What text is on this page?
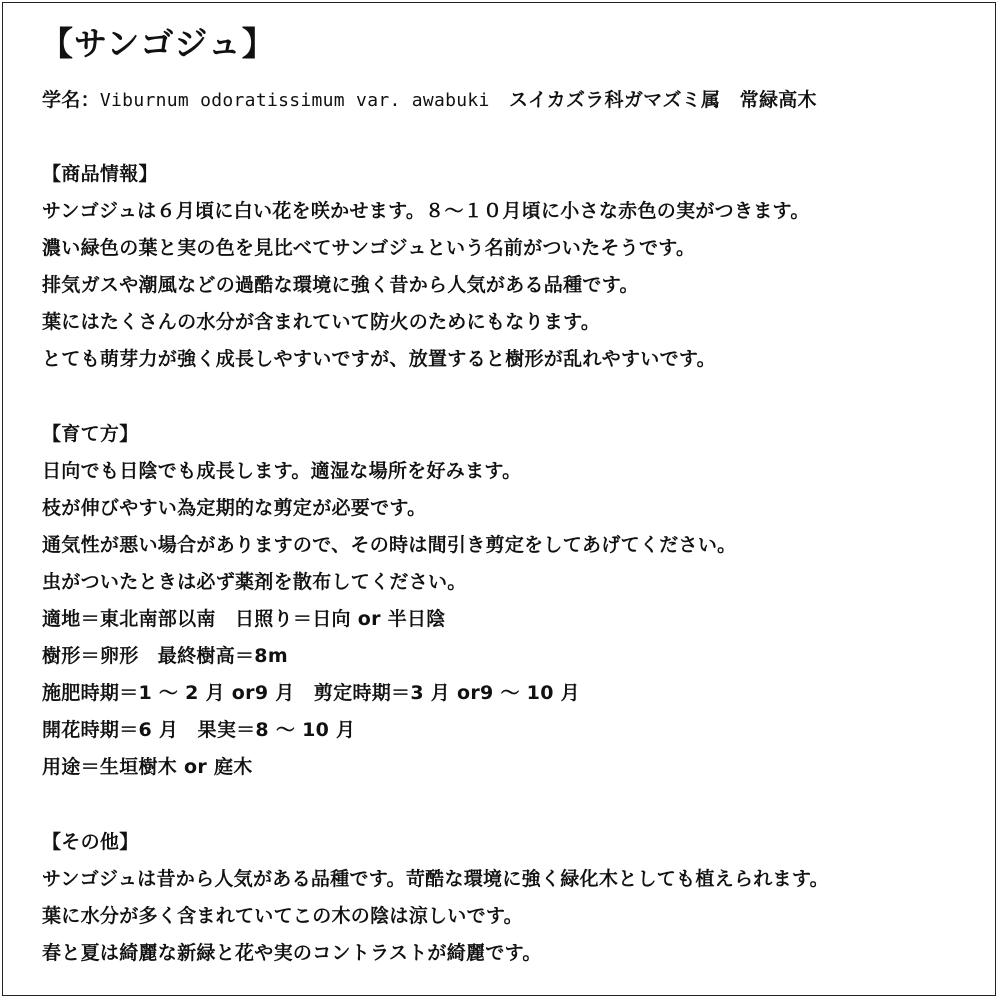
【サンゴジュ】
学名：Viburnum odoratissimum var. awabuki　スイカズラ科ガマズミ属　常緑高木
【商品情報】
サンゴジュは６月頃に白い花を咲かせます。８～１０月頃に小さな赤色の実がつきます。
濃い緑色の葉と実の色を見比べてサンゴジュという名前がついたそうです。
排気ガスや潮風などの過酷な環境に強く昔から人気がある品種です。
葉にはたくさんの水分が含まれていて防火のためにもなります。
とても萌芽力が強く成長しやすいですが、放置すると樹形が乱れやすいです。
【育て方】
日向でも日陰でも成長します。適湿な場所を好みます。
枝が伸びやすい為定期的な剪定が必要です。
通気性が悪い場合がありますので、その時は間引き剪定をしてあげてください。
虫がついたときは必ず薬剤を散布してください。
適地＝東北南部以南　日照り＝日向 or 半日陰
樹形＝卵形　最終樹高＝8m
施肥時期＝1 ～ 2 月 or9 月　剪定時期＝3 月 or9 ～ 10 月
開花時期＝6 月　果実＝8 ～ 10 月
用途＝生垣樹木 or 庭木
【その他】
サンゴジュは昔から人気がある品種です。苛酷な環境に強く緑化木としても植えられます。
葉に水分が多く含まれていてこの木の陰は涼しいです。
春と夏は綺麗な新緑と花や実のコントラストが綺麗です。
